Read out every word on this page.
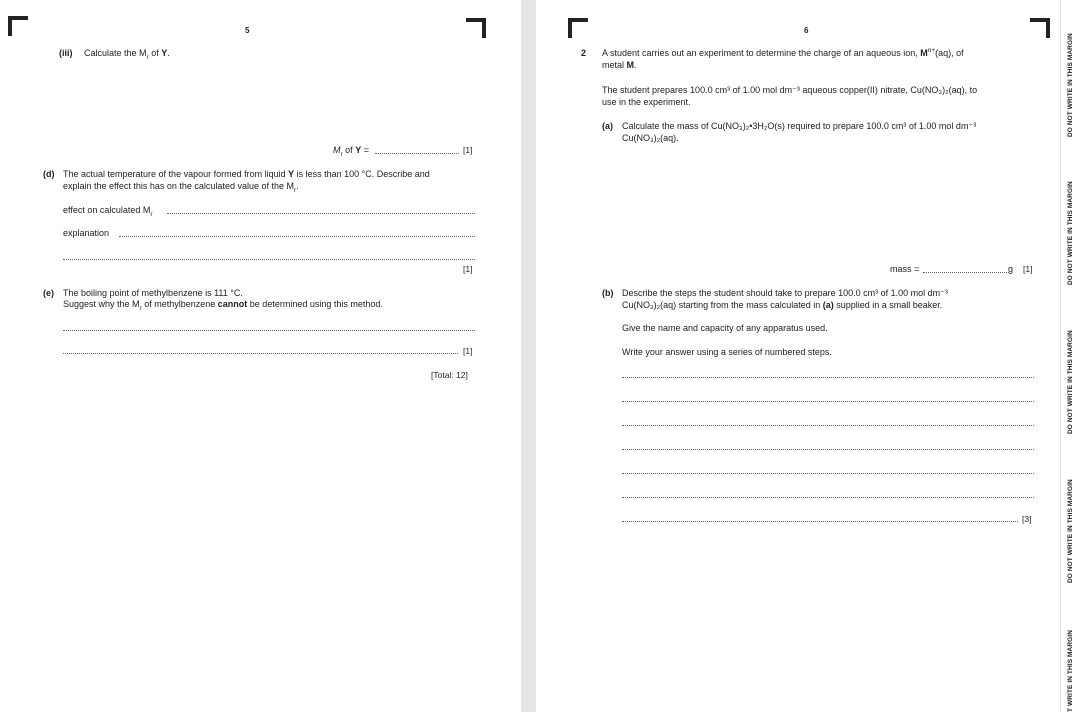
5
(iii) Calculate the $M_r$ of Y.
$M_r$ of Y =	[1]
(d) The actual temperature of the vapour formed from liquid Y is less than 100 °C. Describe and
explain the effect this has on the calculated value of the $M_r$.
effect on calculated $M_r$
explanation
[1]
(e) The boiling point of methylbenzene is 111 °C.
Suggest why the $M_r$ of methylbenzene cannot be determined using this method.
[1]
[Total: 12]
6
2 A student carries out an experiment to determine the charge of an aqueous ion, $M^{n+}(aq)$, of
metal M.
The student prepares 100.0 cm³ of 1.00 mol dm⁻³ aqueous copper(II) nitrate, Cu(NO₃)₂(aq), to
use in the experiment.
(a) Calculate the mass of Cu(NO₃)₂•3H₂O(s) required to prepare 100.0 cm³ of 1.00 mol dm⁻³
Cu(NO₃)₂(aq).
mass =	g [1]
(b) Describe the steps the student should take to prepare 100.0 cm³ of 1.00 mol dm⁻³
Cu(NO₃)₂(aq) starting from the mass calculated in (a) supplied in a small beaker.
Give the name and capacity of any apparatus used.
Write your answer using a series of numbered steps.
[3]
DO NOT WRITE IN THIS MARGIN
DO NOT WRITE IN THIS MARGIN
DO NOT WRITE IN THIS MARGIN
DO NOT WRITE IN THIS MARGIN
T WRITE IN THIS MARGIN
